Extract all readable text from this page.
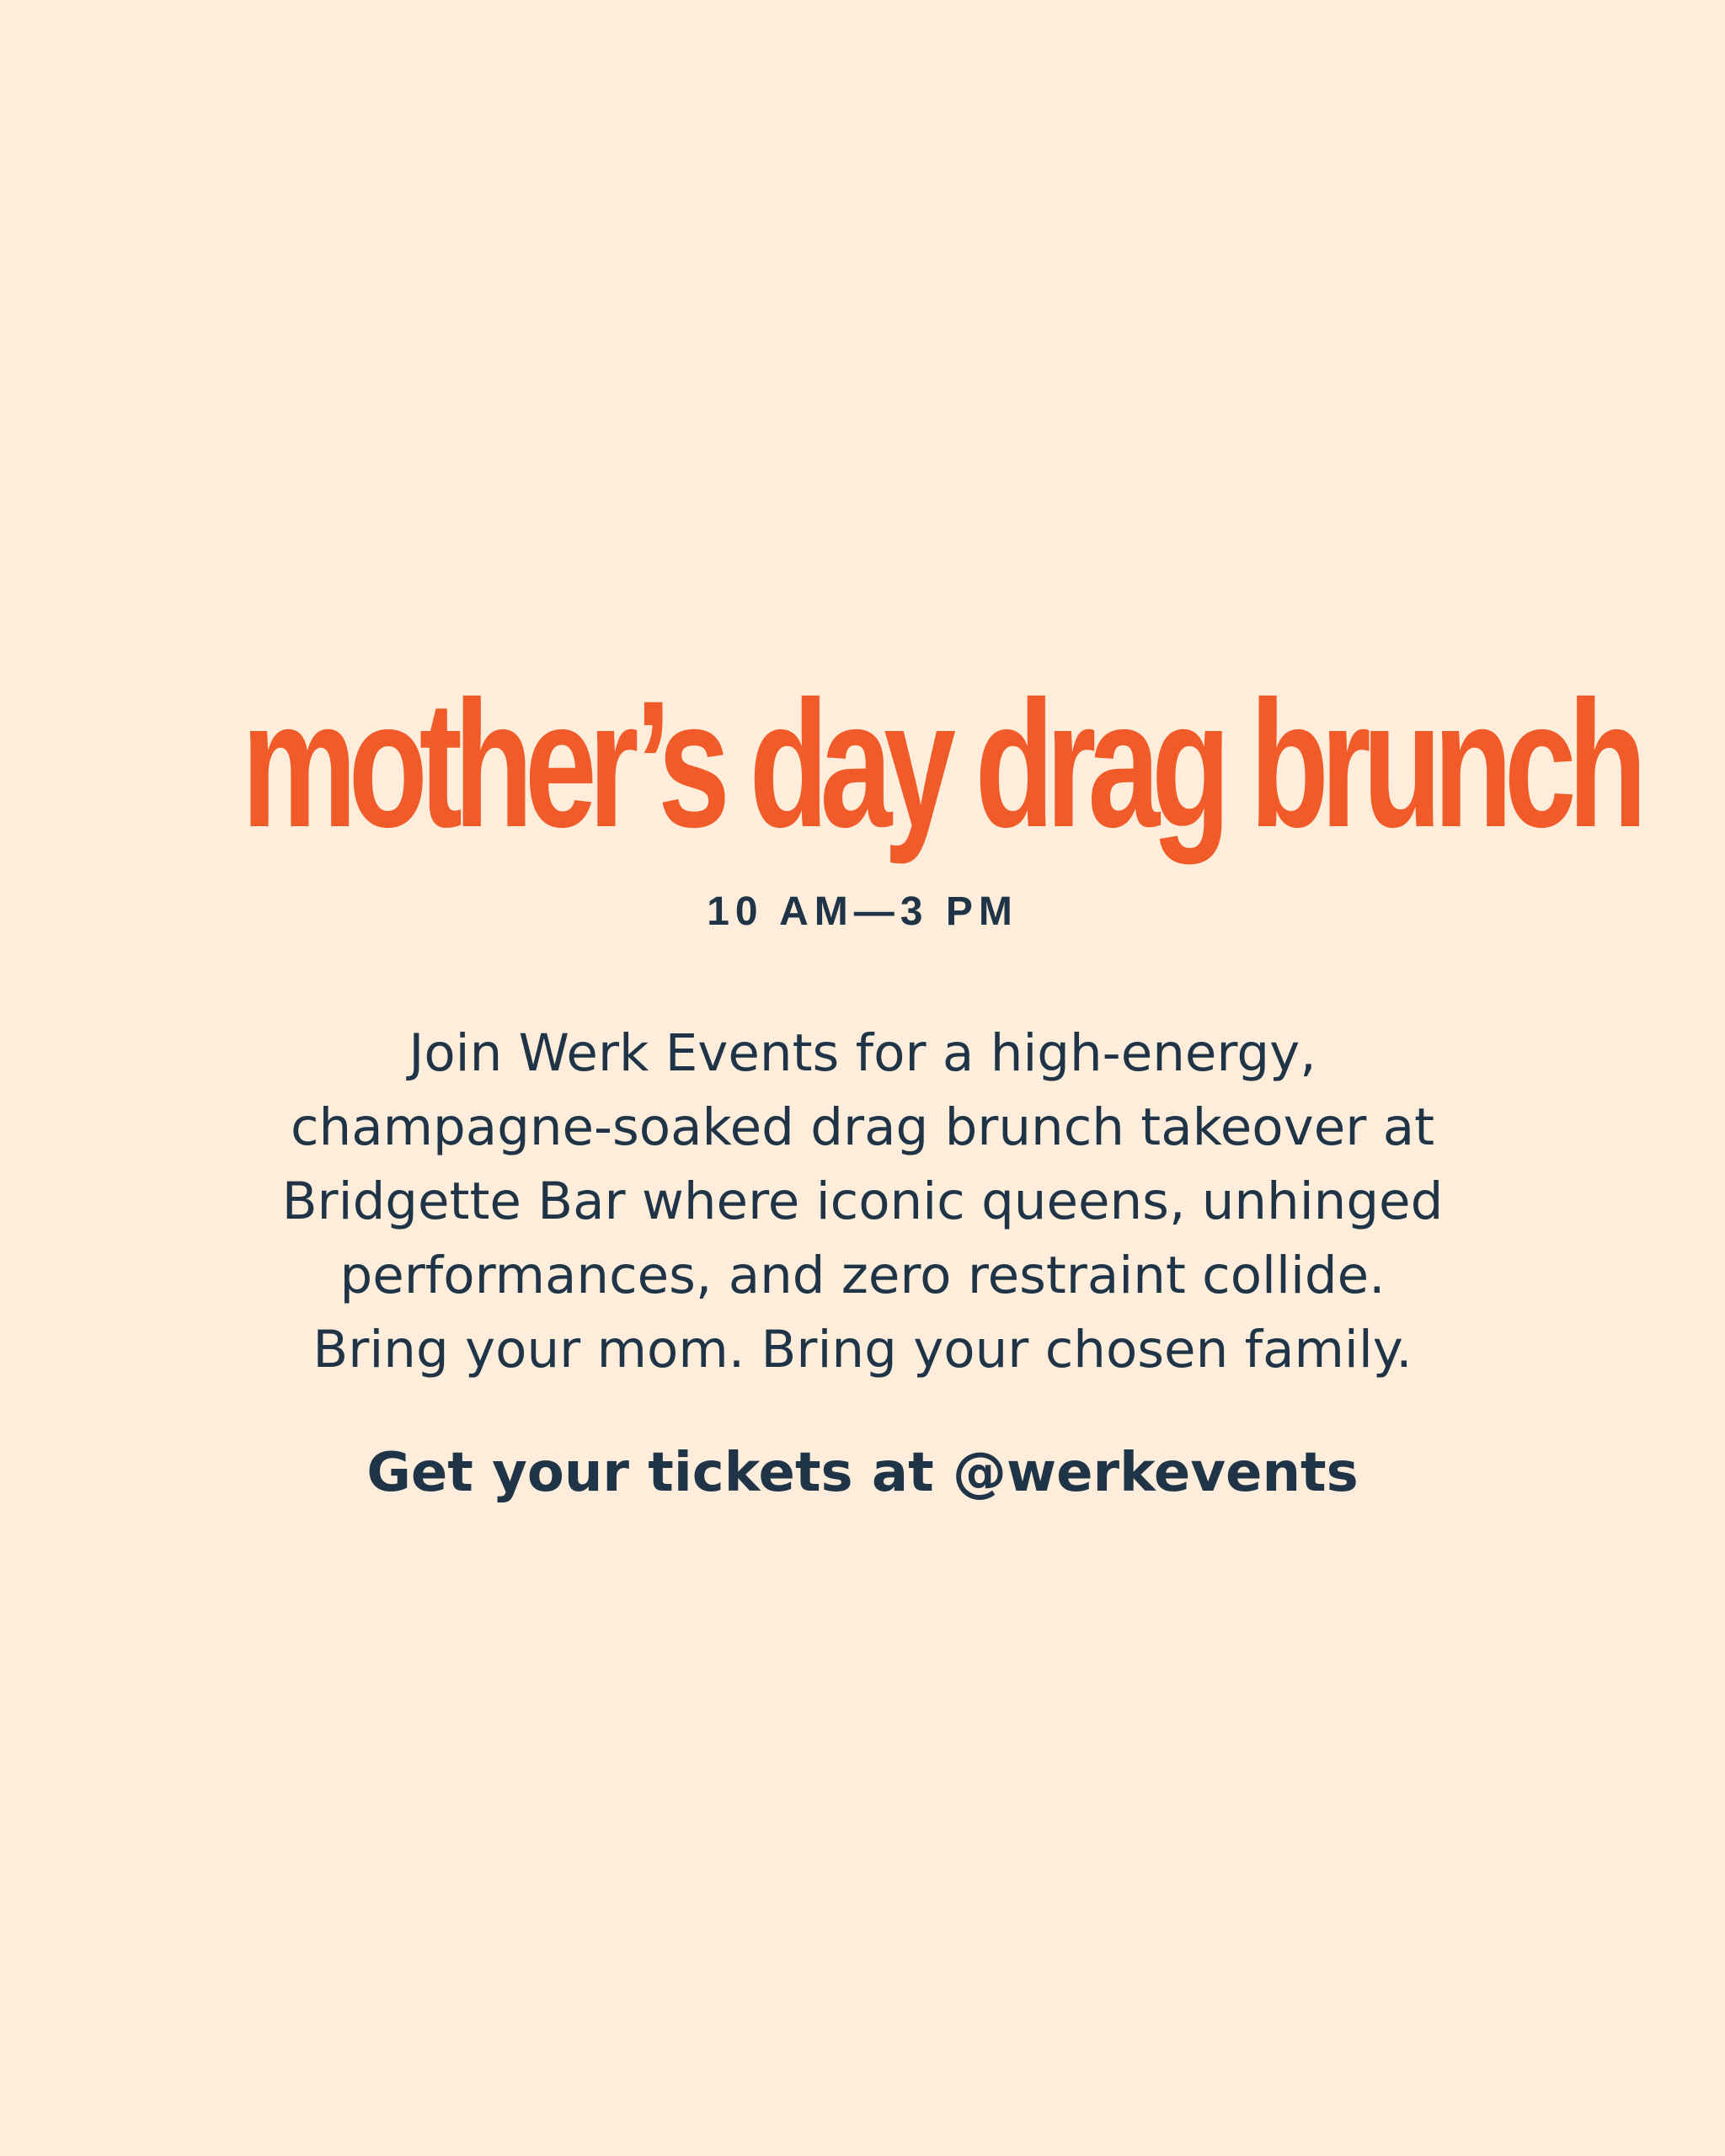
mother’s day drag brunch
10 AM—3 PM

Join Werk Events for a high-energy,
champagne-soaked drag brunch takeover at
Bridgette Bar where iconic queens, unhinged
performances, and zero restraint collide.
Bring your mom. Bring your chosen family.

Get your tickets at @werkevents
